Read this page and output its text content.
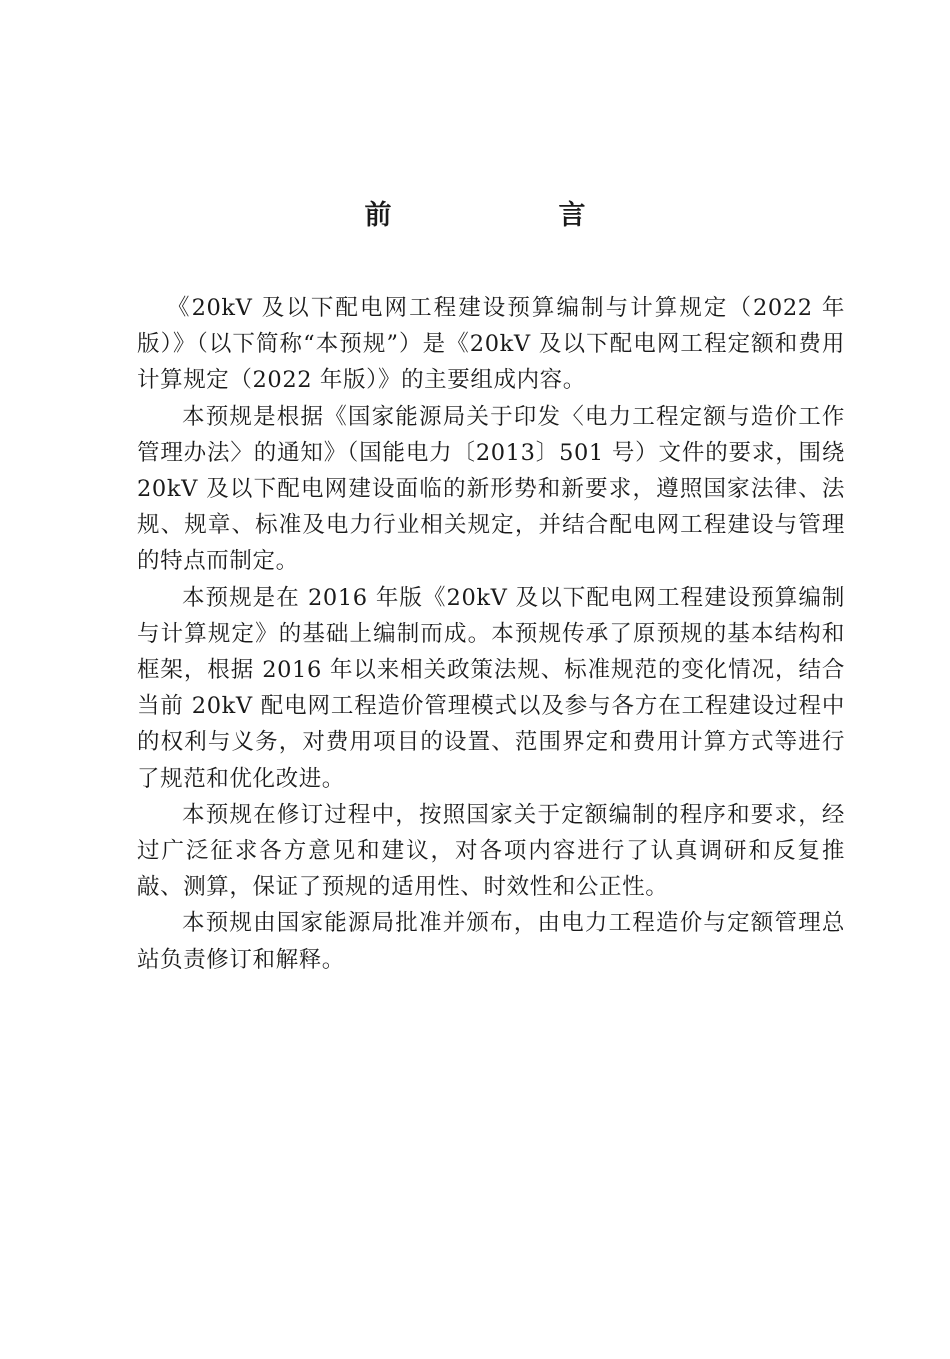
前　言

《20kV 及以下配电网工程建设预算编制与计算规定（2022 年版）》（以下简称“本预规”）是《20kV 及以下配电网工程定额和费用计算规定（2022 年版）》的主要组成内容。

本预规是根据《国家能源局关于印发〈电力工程定额与造价工作管理办法〉的通知》（国能电力〔2013〕501 号）文件的要求，围绕 20kV 及以下配电网建设面临的新形势和新要求，遵照国家法律、法规、规章、标准及电力行业相关规定，并结合配电网工程建设与管理的特点而制定。

本预规是在 2016 年版《20kV 及以下配电网工程建设预算编制与计算规定》的基础上编制而成。本预规传承了原预规的基本结构和框架，根据 2016 年以来相关政策法规、标准规范的变化情况，结合当前 20kV 配电网工程造价管理模式以及参与各方在工程建设过程中的权利与义务，对费用项目的设置、范围界定和费用计算方式等进行了规范和优化改进。

本预规在修订过程中，按照国家关于定额编制的程序和要求，经过广泛征求各方意见和建议，对各项内容进行了认真调研和反复推敲、测算，保证了预规的适用性、时效性和公正性。

本预规由国家能源局批准并颁布，由电力工程造价与定额管理总站负责修订和解释。
